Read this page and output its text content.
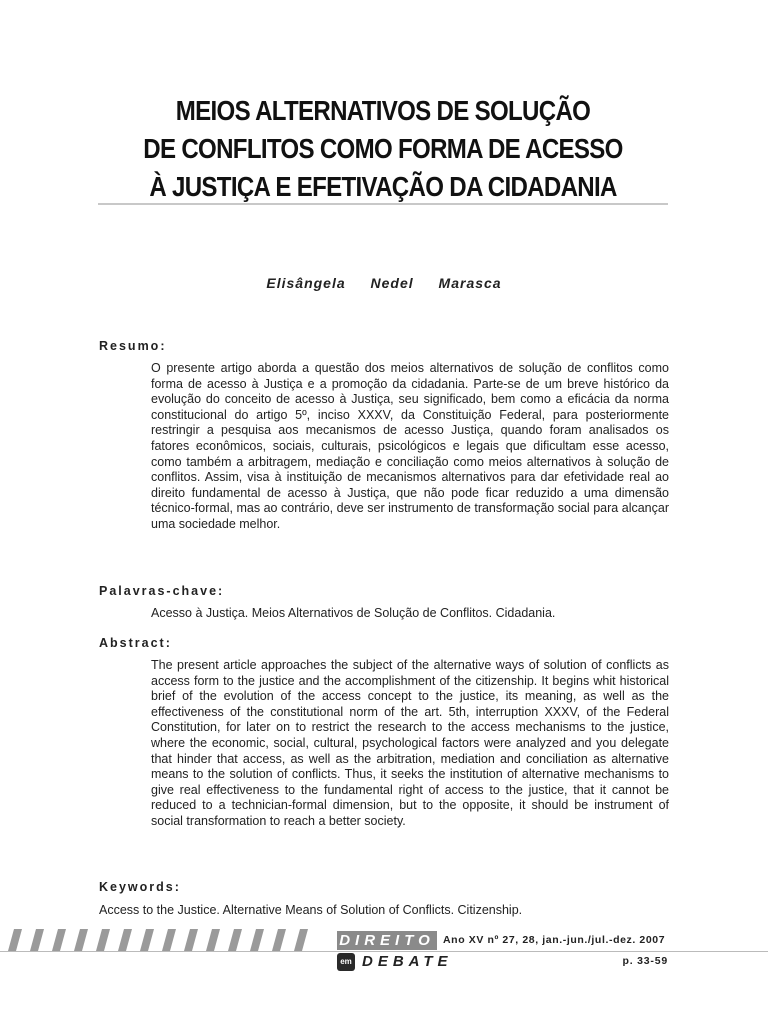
MEIOS ALTERNATIVOS DE SOLUÇÃO
DE CONFLITOS COMO FORMA DE ACESSO
À JUSTIÇA E EFETIVAÇÃO DA CIDADANIA
Elisângela Nedel Marasca
Resumo:

O presente artigo aborda a questão dos meios alternativos de solução de conflitos como forma de acesso à Justiça e a promoção da cidadania. Parte-se de um breve histórico da evolução do conceito de acesso à Justiça, seu significado, bem como a eficácia da norma constitucional do artigo 5º, inciso XXXV, da Constituição Federal, para posteriormente restringir a pesquisa aos mecanismos de acesso Justiça, quando foram analisados os fatores econômicos, sociais, culturais, psicológicos e legais que dificultam esse acesso, como também a arbitragem, mediação e conciliação como meios alternativos à solução de conflitos. Assim, visa à instituição de mecanismos alternativos para dar efetividade real ao direito fundamental de acesso à Justiça, que não pode ficar reduzido a uma dimensão técnico-formal, mas ao contrário, deve ser instrumento de transformação social para alcançar uma sociedade melhor.

Palavras-chave:
Acesso à Justiça. Meios Alternativos de Solução de Conflitos. Cidadania.
Abstract:

The present article approaches the subject of the alternative ways of solution of conflicts as access form to the justice and the accomplishment of the citizenship. It begins whit historical brief of the evolution of the access concept to the justice, its meaning, as well as the effectiveness of the constitutional norm of the art. 5th, interruption XXXV, of the Federal Constitution, for later on to restrict the research to the access mechanisms to the justice, where the economic, social, cultural, psychological factors were analyzed and you delegate that hinder that access, as well as the arbitration, mediation and conciliation as alternative means to the solution of conflicts. Thus, it seeks the institution of alternative mechanisms to give real effectiveness to the fundamental right of access to the justice, that it cannot be reduced to a technician-formal dimension, but to the opposite, it should be instrument of social transformation to reach a better society.

Keywords:
Access to the Justice. Alternative Means of Solution of Conflicts. Citizenship.
DIREITO
em DEBATE
Ano XV nº 27, 28, jan.-jun./jul.-dez. 2007
p. 33-59
